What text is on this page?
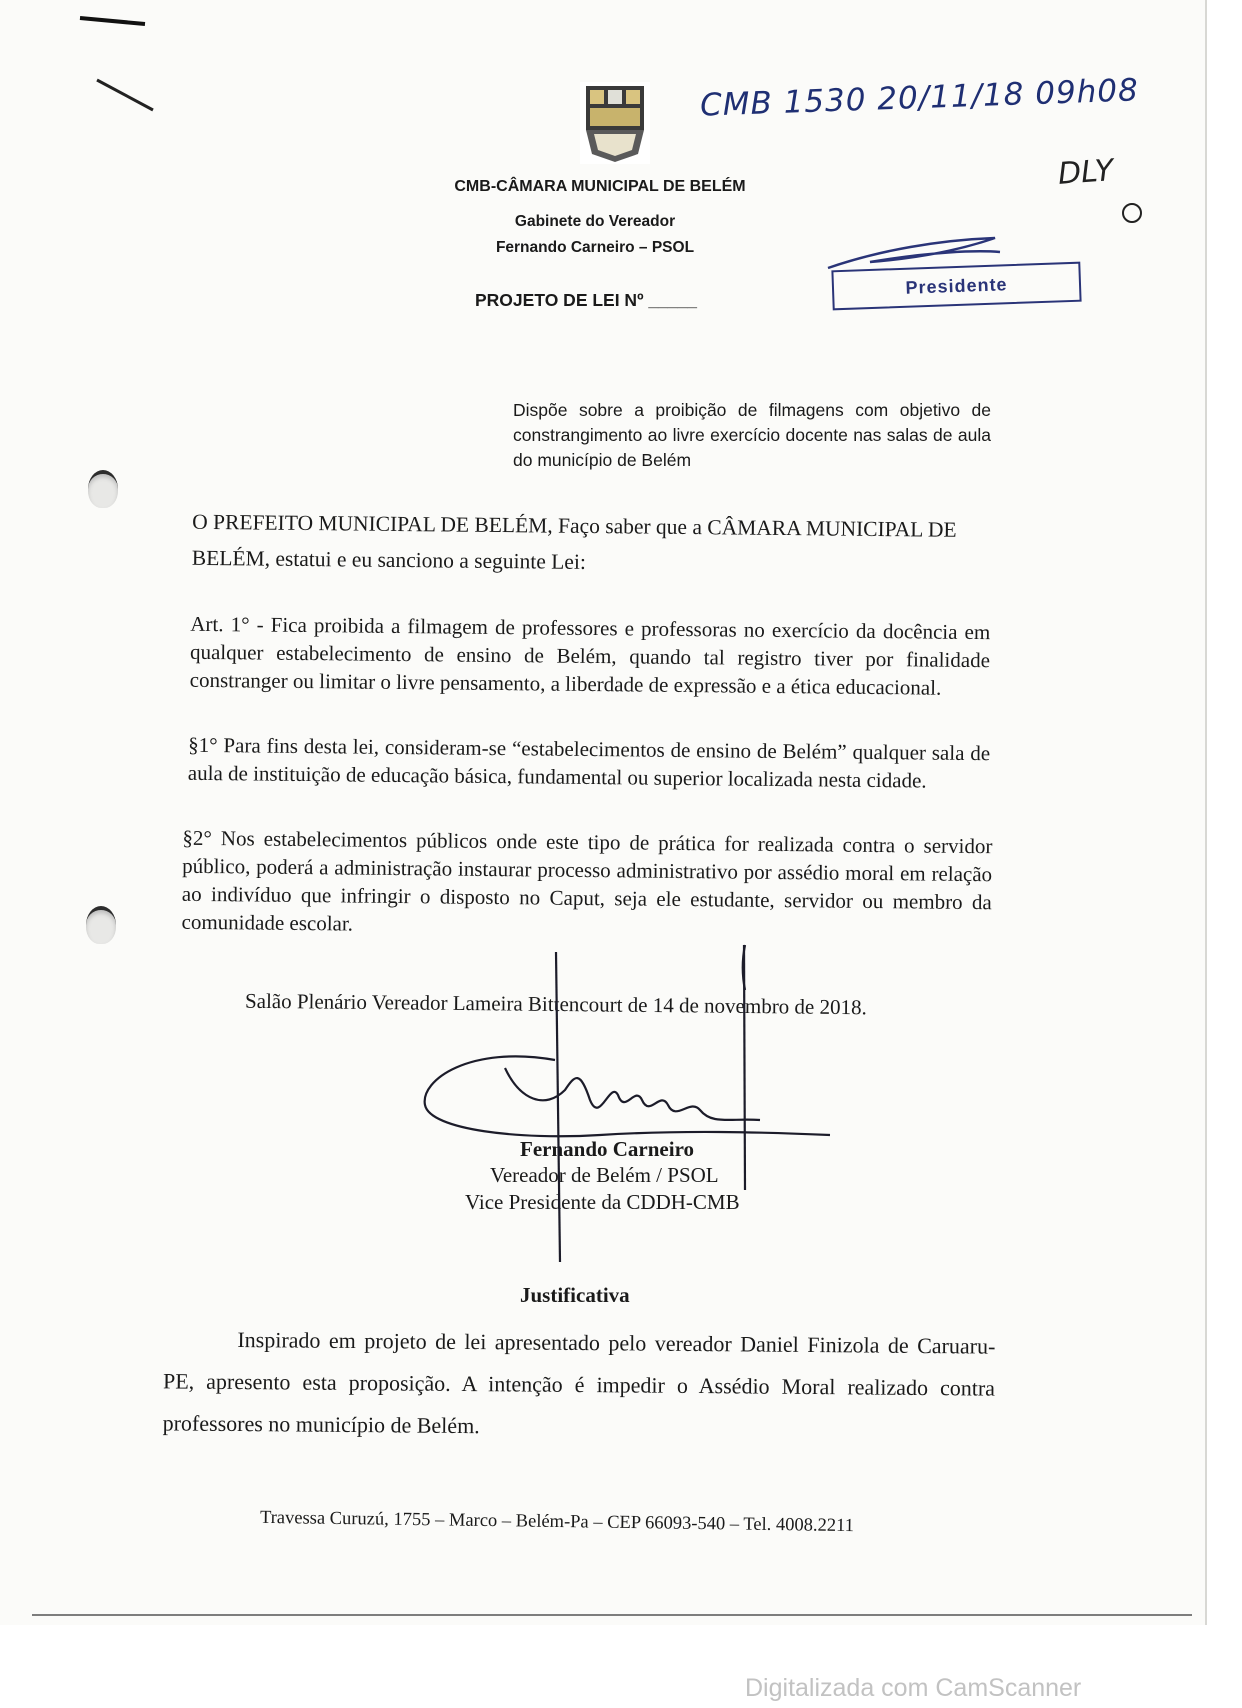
CMB-CÂMARA MUNICIPAL DE BELÉM
Gabinete do Vereador
Fernando Carneiro – PSOL
PROJETO DE LEI Nº _____
CMB 1530 20/11/18 09h08
DLY
Presidente
Dispõe sobre a proibição de filmagens com objetivo de constrangimento ao livre exercício docente nas salas de aula do município de Belém
O PREFEITO MUNICIPAL DE BELÉM, Faço saber que a CÂMARA MUNICIPAL DE BELÉM, estatui e eu sanciono a seguinte Lei:
Art. 1° - Fica proibida a filmagem de professores e professoras no exercício da docência em qualquer estabelecimento de ensino de Belém, quando tal registro tiver por finalidade constranger ou limitar o livre pensamento, a liberdade de expressão e a ética educacional.
§1° Para fins desta lei, consideram-se “estabelecimentos de ensino de Belém” qualquer sala de aula de instituição de educação básica, fundamental ou superior localizada nesta cidade.
§2° Nos estabelecimentos públicos onde este tipo de prática for realizada contra o servidor público, poderá a administração instaurar processo administrativo por assédio moral em relação ao indivíduo que infringir o disposto no Caput, seja ele estudante, servidor ou membro da comunidade escolar.
Salão Plenário Vereador Lameira Bittencourt de 14 de novembro de 2018.
Fernando Carneiro
Vereador de Belém / PSOL
Vice Presidente da CDDH-CMB
Justificativa
Inspirado em projeto de lei apresentado pelo vereador Daniel Finizola de Caruaru- PE, apresento esta proposição. A intenção é impedir o Assédio Moral realizado contra professores no município de Belém.
Travessa Curuzú, 1755 – Marco – Belém-Pa – CEP 66093-540 – Tel. 4008.2211
Digitalizada com CamScanner
